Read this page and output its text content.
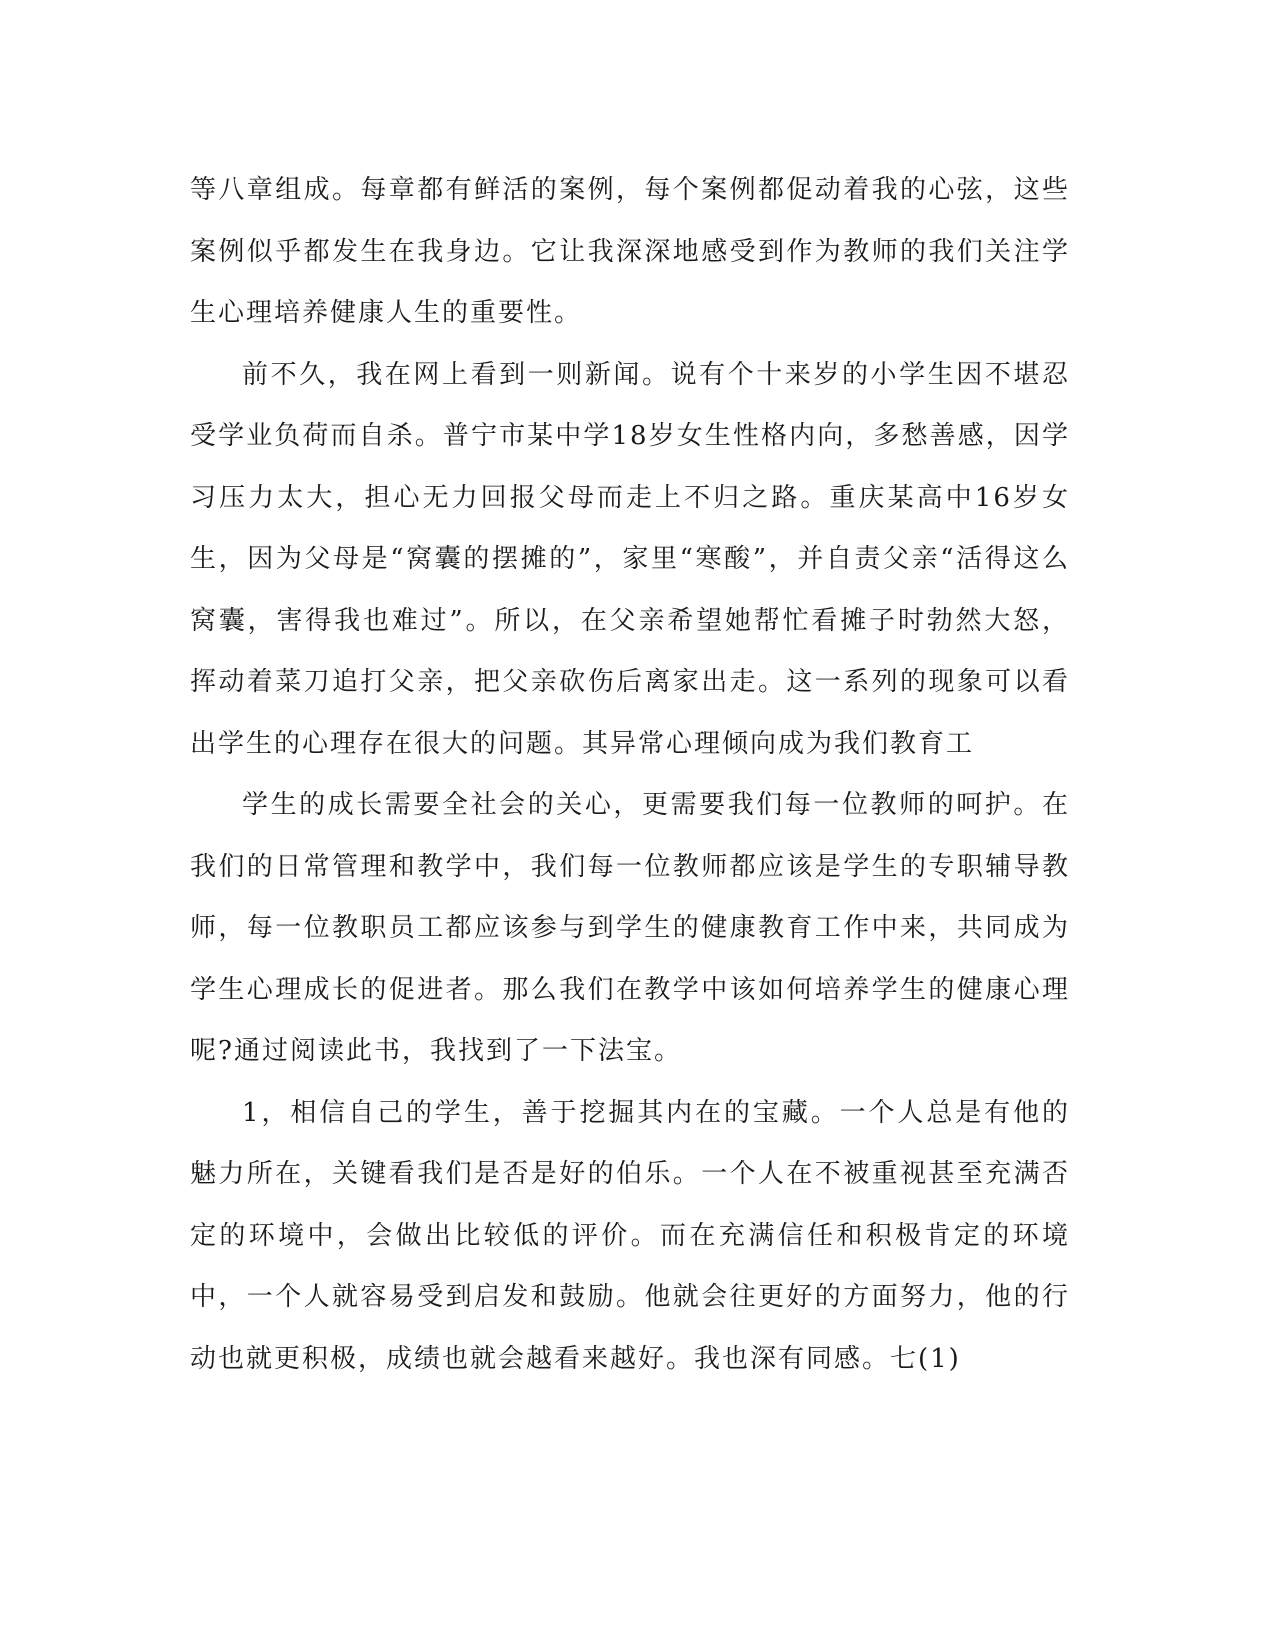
等八章组成。每章都有鲜活的案例，每个案例都促动着我的心弦，这些案例似乎都发生在我身边。它让我深深地感受到作为教师的我们关注学生心理培养健康人生的重要性。

前不久，我在网上看到一则新闻。说有个十来岁的小学生因不堪忍受学业负荷而自杀。普宁市某中学18岁女生性格内向，多愁善感，因学习压力太大，担心无力回报父母而走上不归之路。重庆某高中16岁女生，因为父母是“窝囊的摆摊的”，家里“寒酸”，并自责父亲“活得这么窝囊，害得我也难过”。所以，在父亲希望她帮忙看摊子时勃然大怒，挥动着菜刀追打父亲，把父亲砍伤后离家出走。这一系列的现象可以看出学生的心理存在很大的问题。其异常心理倾向成为我们教育工

学生的成长需要全社会的关心，更需要我们每一位教师的呵护。在我们的日常管理和教学中，我们每一位教师都应该是学生的专职辅导教师，每一位教职员工都应该参与到学生的健康教育工作中来，共同成为学生心理成长的促进者。那么我们在教学中该如何培养学生的健康心理呢?通过阅读此书，我找到了一下法宝。

1，相信自己的学生，善于挖掘其内在的宝藏。一个人总是有他的魅力所在，关键看我们是否是好的伯乐。一个人在不被重视甚至充满否定的环境中，会做出比较低的评价。而在充满信任和积极肯定的环境中，一个人就容易受到启发和鼓励。他就会往更好的方面努力，他的行动也就更积极，成绩也就会越看来越好。我也深有同感。七(1)
